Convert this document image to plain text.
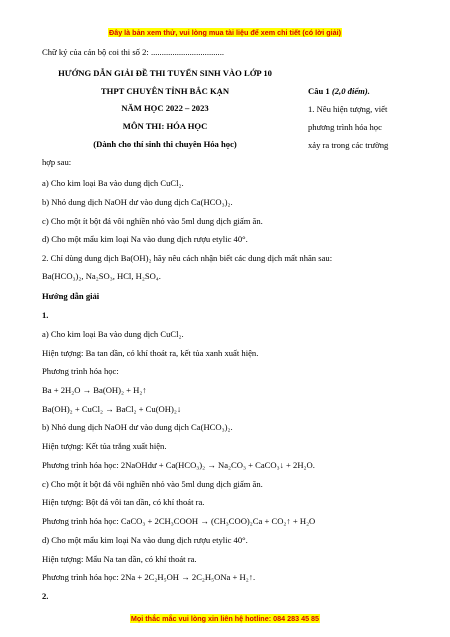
Đây là bản xem thử, vui lòng mua tài liệu để xem chi tiết (có lời giải)
Chữ ký của cán bộ coi thi số 2: ..................................
HƯỚNG DẪN GIẢI ĐỀ THI TUYỂN SINH VÀO LỚP 10
THPT CHUYÊN TỈNH BẮC KẠN
NĂM HỌC 2022 – 2023
MÔN THI: HÓA HỌC
(Dành cho thí sinh thi chuyên Hóa học)
Câu 1 (2,0 điểm).
1. Nêu hiện tượng, viết
phương trình hóa học
xảy ra trong các trường
hợp sau:
a) Cho kim loại Ba vào dung dịch CuCl₂.
b) Nhỏ dung dịch NaOH dư vào dung dịch Ca(HCO₃)₂.
c) Cho một ít bột đá vôi nghiền nhỏ vào 5ml dung dịch giấm ăn.
d) Cho một mẩu kim loại Na vào dung dịch rượu etylic 40°.
2. Chỉ dùng dung dịch Ba(OH)₂ hãy nêu cách nhận biết các dung dịch mất nhãn sau:
Ba(HCO₃)₂, Na₂SO₃, HCl, H₂SO₄.
Hướng dẫn giải
1.
a) Cho kim loại Ba vào dung dịch CuCl₂.
Hiện tượng: Ba tan dần, có khí thoát ra, kết tủa xanh xuất hiện.
Phương trình hóa học:
Ba + 2H₂O → Ba(OH)₂ + H₂↑
Ba(OH)₂ + CuCl₂ → BaCl₂ + Cu(OH)₂↓
b) Nhỏ dung dịch NaOH dư vào dung dịch Ca(HCO₃)₂.
Hiện tượng: Kết tủa trắng xuất hiện.
Phương trình hóa học: 2NaOHdư + Ca(HCO₃)₂ → Na₂CO₃ + CaCO₃↓ + 2H₂O.
c) Cho một ít bột đá vôi nghiền nhỏ vào 5ml dung dịch giấm ăn.
Hiện tượng: Bột đá vôi tan dần, có khí thoát ra.
Phương trình hóa học: CaCO₃ + 2CH₃COOH → (CH₃COO)₂Ca + CO₂↑ + H₂O
d) Cho một mẩu kim loại Na vào dung dịch rượu etylic 40°.
Hiện tượng: Mẩu Na tan dần, có khí thoát ra.
Phương trình hóa học: 2Na + 2C₂H₅OH → 2C₂H₅ONa + H₂↑.
2.
Mọi thắc mắc vui lòng xin liên hệ hotline: 084 283 45 85
